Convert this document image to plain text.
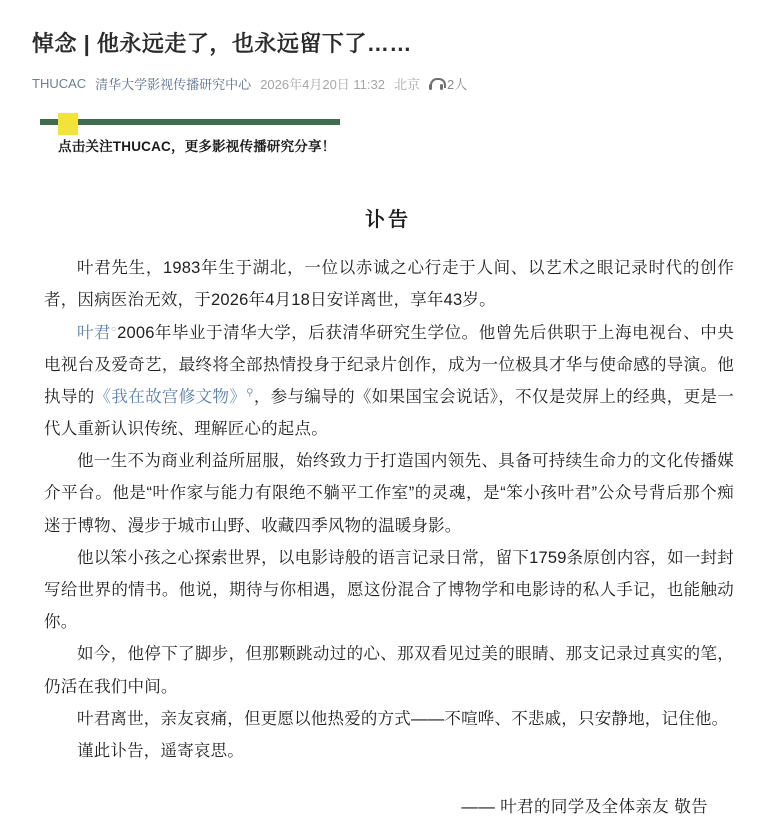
悼念 | 他永远走了，也永远留下了……
THUCAC 清华大学影视传播研究中心 2026年4月20日 11:32 北京 2人
点击关注THUCAC，更多影视传播研究分享！
讣告

叶君先生，1983年生于湖北，一位以赤诚之心行走于人间、以艺术之眼记录时代的创作者，因病医治无效，于2026年4月18日安详离世，享年43岁。

叶君○2006年毕业于清华大学，后获清华研究生学位。他曾先后供职于上海电视台、中央电视台及爱奇艺，最终将全部热情投身于纪录片创作，成为一位极具才华与使命感的导演。他执导的《我在故宫修文物》⚲，参与编导的《如果国宝会说话》，不仅是荧屏上的经典，更是一代人重新认识传统、理解匠心的起点。

他一生不为商业利益所屈服，始终致力于打造国内领先、具备可持续生命力的文化传播媒介平台。他是“叶作家与能力有限绝不躺平工作室”的灵魂，是“笨小孩叶君”公众号背后那个痴迷于博物、漫步于城市山野、收藏四季风物的温暖身影。

他以笨小孩之心探索世界，以电影诗般的语言记录日常，留下1759条原创内容，如一封封写给世界的情书。他说，期待与你相遇，愿这份混合了博物学和电影诗的私人手记，也能触动你。

如今，他停下了脚步，但那颗跳动过的心、那双看见过美的眼睛、那支记录过真实的笔，仍活在我们中间。

叶君离世，亲友哀痛，但更愿以他热爱的方式——不喧哗、不悲戚，只安静地，记住他。

谨此讣告，遥寄哀思。

—— 叶君的同学及全体亲友 敬告
